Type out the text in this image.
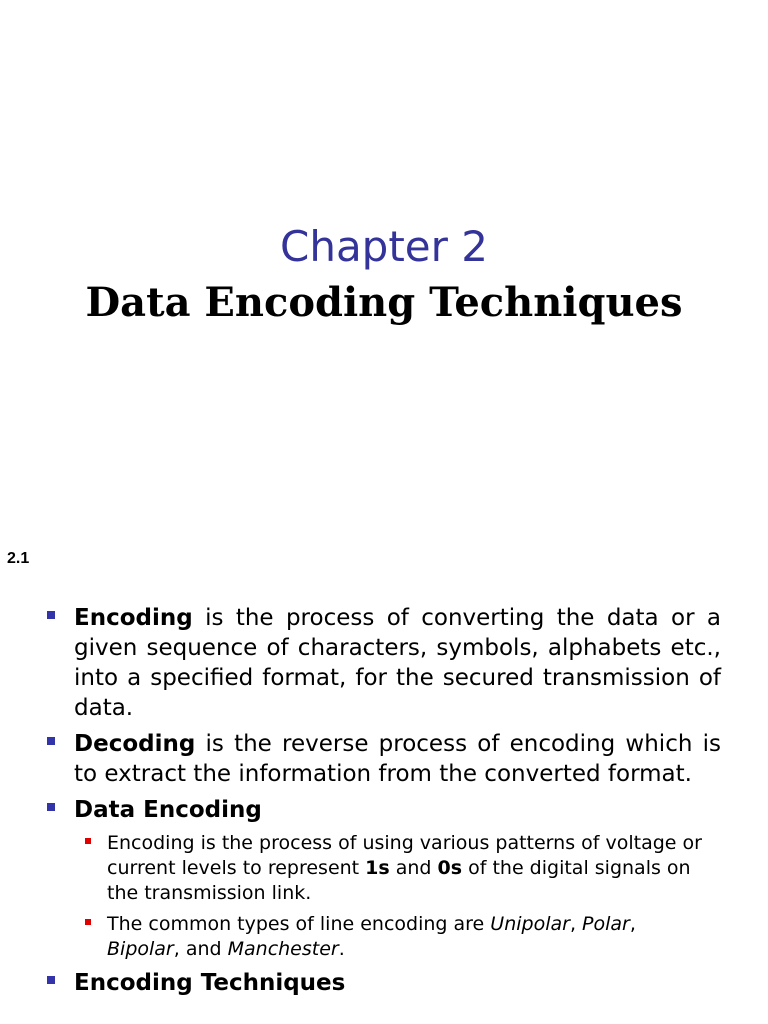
Chapter 2
Data Encoding Techniques
2.1
Encoding is the process of converting the data or a given sequence of characters, symbols, alphabets etc., into a specified format, for the secured transmission of data.
Decoding is the reverse process of encoding which is to extract the information from the converted format.
Data Encoding
Encoding is the process of using various patterns of voltage or current levels to represent 1s and 0s of the digital signals on the transmission link.
The common types of line encoding are Unipolar, Polar, Bipolar, and Manchester.
Encoding Techniques
